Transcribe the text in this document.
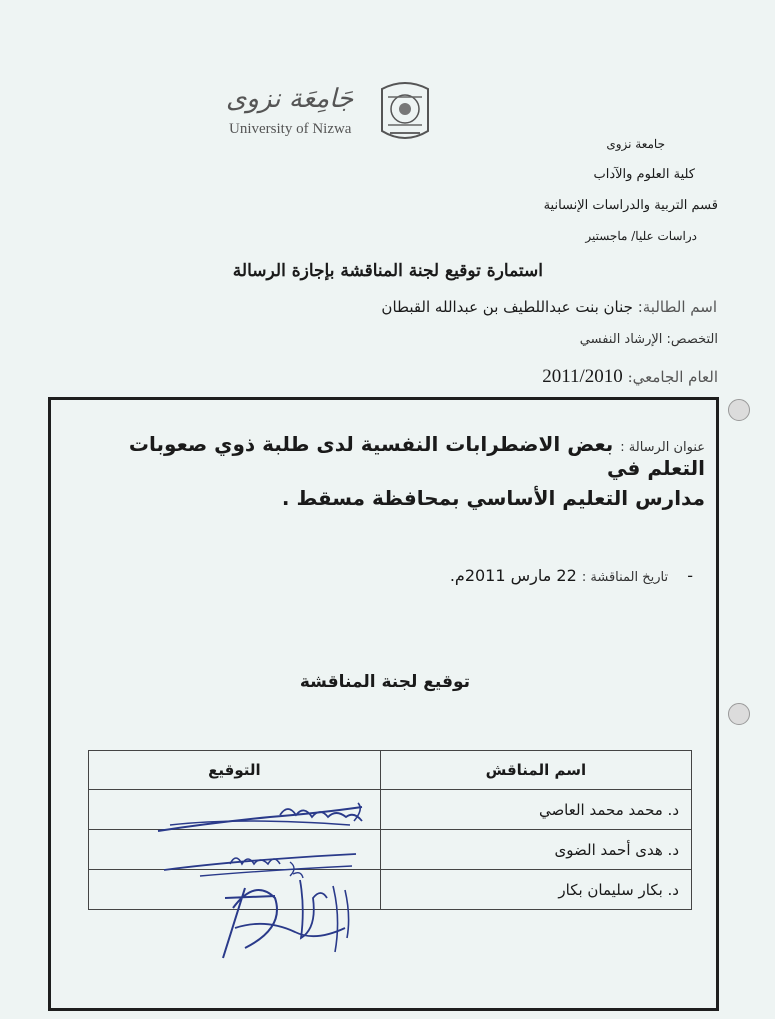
جَامِعَة نزوى
University of Nizwa
جامعة نزوى
كلية العلوم والآداب
قسم التربية والدراسات الإنسانية
دراسات عليا/ ماجستير
استمارة توقيع لجنة المناقشة بإجازة الرسالة
اسم الطالبة: جنان بنت عبداللطيف بن عبدالله القبطان
التخصص: الإرشاد النفسي
العام الجامعي: 2011/2010
عنوان الرسالة : بعض الاضطرابات النفسية لدى طلبة ذوي صعوبات التعلم في
مدارس التعليم الأساسي بمحافظة مسقط .
- تاريخ المناقشة : 22 مارس 2011م.
توقيع لجنة المناقشة
اسم المناقش	التوقيع
د. محمد محمد العاصي	
د. هدى أحمد الضوى	
د. بكار سليمان بكار	
